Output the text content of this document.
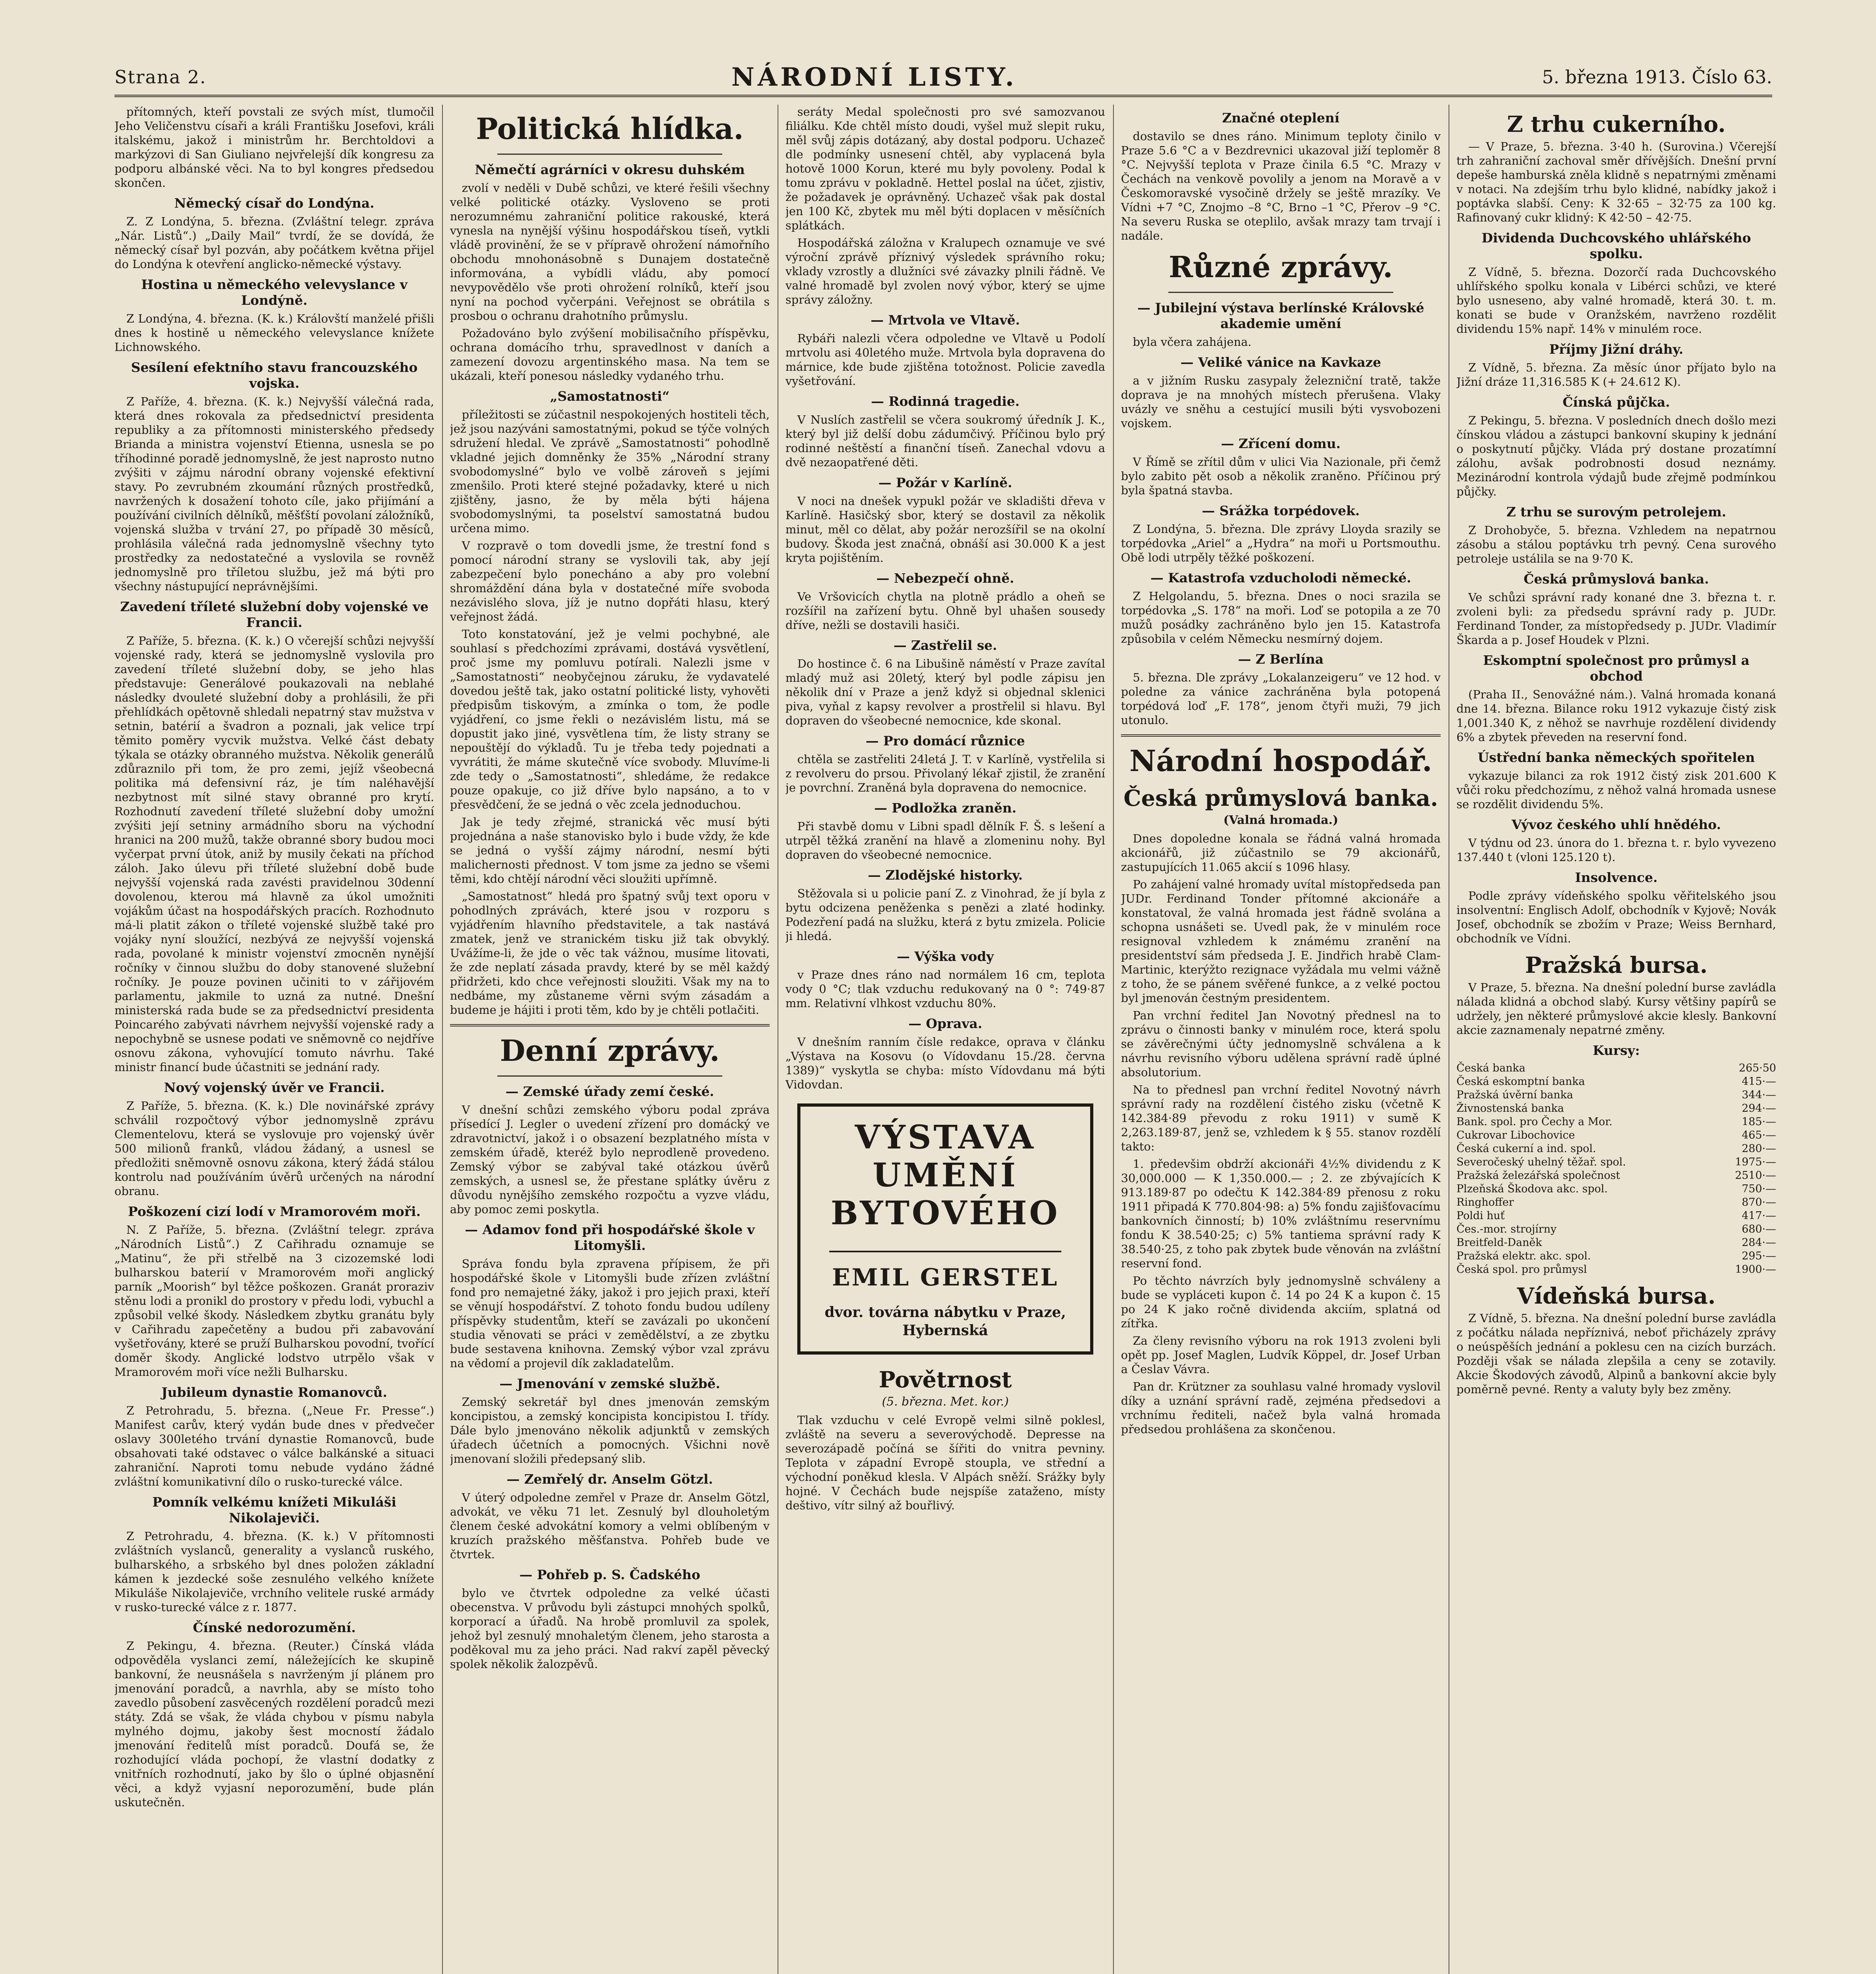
Strana 2.	NÁRODNÍ LISTY.	5. března 1913. Číslo 63.

přítomných, kteří povstali ze svých míst, tlumočil Jeho Veličenstvu císaři a králi Františku Josefovi, králi italskému, jakož i ministrům hr. Berchtoldovi a markýzovi di San Giuliano nejvřelejší dík kongresu za podporu albánské věci. Na to byl kongres předsedou skončen.

Německý císař do Londýna.

Z. Z Londýna, 5. března. (Zvláštní telegr. zpráva „Nár. Listů“.) „Daily Mail“ tvrdí, že se dovídá, že německý císař byl pozván, aby počátkem května přijel do Londýna k otevření anglicko-německé výstavy.

Hostina u německého velevyslance v Londýně.

Z Londýna, 4. března. (K. k.) Královští manželé přišli dnes k hostině u německého velevyslance knížete Lichnowského.

Sesílení efektního stavu francouzského vojska.

Z Paříže, 4. března. (K. k.) Nejvyšší válečná rada, která dnes rokovala za předsednictví presidenta republiky a za přítomnosti ministerského předsedy Brianda a ministra vojenství Etienna, usnesla se po tříhodinné poradě jednomyslně, že jest naprosto nutno zvýšiti v zájmu národní obrany vojenské efektivní stavy. Po zevrubném zkoumání různých prostředků, navržených k dosažení tohoto cíle, jako přijímání a používání civilních dělníků, měšťští povolaní záložníků, vojenská služba v trvání 27, po případě 30 měsíců, prohlásila válečná rada jednomyslně všechny tyto prostředky za nedostatečné a vyslovila se rovněž jednomyslně pro tříletou službu, jež má býti pro všechny nástupující neprávnějšími.

Zavedení tříleté služební doby vojenské ve Francii.

Z Paříže, 5. března. (K. k.) O včerejší schůzi nejvyšší vojenské rady, která se jednomyslně vyslovila pro zavedení tříleté služební doby, se jeho hlas představuje: Generálové poukazovali na neblahé následky dvouleté služební doby a prohlásili, že při přehlídkách opětovně shledali nepatrný stav mužstva v setnin, batérií a švadron a poznali, jak velice trpí těmito poměry vycvik mužstva. Velké část debaty týkala se otázky obranného mužstva. Několik generálů zdůraznilo při tom, že pro zemi, jejíž všeobecná politika má defensivní ráz, je tím naléhavější nezbytnost mít silné stavy obranné pro krytí. Rozhodnutí zavedení tříleté služební doby umožní zvýšiti její setniny armádního sboru na východní hranici na 200 mužů, takže obranné sbory budou moci vyčerpat první útok, aniž by musily čekati na příchod záloh. Jako úlevu při tříleté služební době bude nejvyšší vojenská rada zavésti pravidelnou 30denní dovolenou, kterou má hlavně za úkol umožniti vojákům účast na hospodářských pracích. Rozhodnuto má-li platit zákon o tříleté vojenské službě také pro vojáky nyní sloužící, nezbývá ze nejvyšší vojenská rada, povolané k ministr vojenství zmocněn nynější ročníky v činnou službu do doby stanovené služební ročníky. Je pouze povinen učiniti to v zářijovém parlamentu, jakmile to uzná za nutné. Dnešní ministerská rada bude se za předsednictví presidenta Poincarého zabývati návrhem nejvyšší vojenské rady a nepochybně se usnese podati ve sněmovně co nejdříve osnovu zákona, vyhovující tomuto návrhu. Také ministr financí bude účastniti se jednání rady.

Nový vojenský úvěr ve Francii.

Z Paříže, 5. března. (K. k.) Dle novinářské zprávy schválil rozpočtový výbor jednomyslně zprávu Clementelovu, která se vyslovuje pro vojenský úvěr 500 milionů franků, vládou žádaný, a usnesl se předložiti sněmovně osnovu zákona, který žádá stálou kontrolu nad používáním úvěrů určených na národní obranu.

Poškození cizí lodí v Mramorovém moři.

N. Z Paříže, 5. března. (Zvláštní telegr. zpráva „Národních Listů“.) Z Cařihradu oznamuje se „Matinu“, že při střelbě na 3 cizozemské lodi bulharskou baterií v Mramorovém moři anglický parník „Moorish“ byl těžce poškozen. Granát proraziv stěnu lodi a pronikl do prostory v předu lodi, vybuchl a způsobil velké škody. Následkem zbytku granátu byly v Cařihradu zapečetěny a budou při zabavování vyšetřovány, které se pruží Bulharskou povodní, tvořící doměr škody. Anglické lodstvo utrpělo však v Mramorovém moři více nežli Bulharsku.

Jubileum dynastie Romanovců.

Z Petrohradu, 5. března. („Neue Fr. Presse“.) Manifest carův, který vydán bude dnes v předvečer oslavy 300letého trvání dynastie Romanovců, bude obsahovati také odstavec o válce balkánské a situaci zahraniční. Naproti tomu nebude vydáno žádné zvláštní komunikativní dílo o rusko-turecké válce.

Pomník velkému knížeti Mikuláši Nikolajeviči.

Z Petrohradu, 4. března. (K. k.) V přítomnosti zvláštních vyslanců, generality a vyslanců ruského, bulharského, a srbského byl dnes položen základní kámen k jezdecké soše zesnulého velkého knížete Mikuláše Nikolajeviče, vrchního velitele ruské armády v rusko-turecké válce z r. 1877.

Čínské nedorozumění.

Z Pekingu, 4. března. (Reuter.) Čínská vláda odpověděla vyslanci zemí, náležejících ke skupině bankovní, že neusnášela s navrženým jí plánem pro jmenování poradců, a navrhla, aby se místo toho zavedlo působení zasvěcených rozdělení poradců mezi státy. Zdá se však, že vláda chybou v písmu nabyla mylného dojmu, jakoby šest mocností žádalo jmenování ředitelů míst poradců. Doufá se, že rozhodující vláda pochopí, že vlastní dodatky z vnitřních rozhodnutí, jako by šlo o úplné objasnění věci, a když vyjasní neporozumění, bude plán uskutečněn.

Politická hlídka.
Němečtí agrárníci v okresu duhském

zvolí v neděli v Dubě schůzi, ve které řešili všechny velké politické otázky. Vysloveno se proti nerozumnému zahraniční politice rakouské, která vynesla na nynější výšinu hospodářskou tíseň, vytkli vládě provinění, že se v přípravě ohrožení námořního obchodu mnohonásobně s Dunajem dostatečně informována, a vybídli vládu, aby pomocí nevypovědělo vše proti ohrožení rolníků, kteří jsou nyní na pochod vyčerpáni. Veřejnost se obrátila s prosbou o ochranu drahotního průmyslu.

Požadováno bylo zvýšení mobilisačního příspěvku, ochrana domácího trhu, spravedlnost v daních a zamezení dovozu argentinského masa. Na tem se ukázali, kteří ponesou následky vydaného trhu.

„Samostatnosti“

příležitosti se zúčastnil nespokojených hostiteli těch, jež jsou nazýváni samostatnými, pokud se týče volných sdružení hledal. Ve zprávě „Samostatnosti“ pohodlně vkladné jejich domněnky že 35% „Národní strany svobodomyslné“ bylo ve volbě zároveň s jejími zmenšilo. Proti které stejné požadavky, které u nich zjištěny, jasno, že by měla býti hájena svobodomyslnými, ta poselství samostatná budou určena mimo.

V rozpravě o tom dovedli jsme, že trestní fond s pomocí národní strany se vyslovili tak, aby její zabezpečení bylo ponecháno a aby pro volební shromáždění dána byla v dostatečné míře svoboda nezávislého slova, jíž je nutno dopřáti hlasu, který veřejnost žádá.

Toto konstatování, jež je velmi pochybné, ale souhlasí s předchozími zprávami, dostává vysvětlení, proč jsme my pomluvu potírali. Nalezli jsme v „Samostatnosti“ neobyčejnou záruku, že vydavatelé dovedou ještě tak, jako ostatní politické listy, vyhověti předpisům tiskovým, a zmínka o tom, že podle vyjádření, co jsme řekli o nezávislém listu, má se dopustit jako jiné, vysvětlena tím, že listy strany se nepouštějí do výkladů. Tu je třeba tedy pojednati a vyvrátiti, že máme skutečně více svobody. Mluvíme-li zde tedy o „Samostatnosti“, shledáme, že redakce pouze opakuje, co již dříve bylo napsáno, a to v přesvědčení, že se jedná o věc zcela jednoduchou.

Jak je tedy zřejmé, stranická věc musí býti projednána a naše stanovisko bylo i bude vždy, že kde se jedná o vyšší zájmy národní, nesmí býti malichernosti přednost. V tom jsme za jedno se všemi těmi, kdo chtějí národní věci sloužiti upřímně.

„Samostatnost“ hledá pro špatný svůj text oporu v pohodlných zprávách, které jsou v rozporu s vyjádřením hlavního představitele, a tak nastává zmatek, jenž ve stranickém tisku již tak obvyklý. Uvážíme-li, že jde o věc tak vážnou, musíme litovati, že zde neplatí zásada pravdy, které by se měl každý přidržeti, kdo chce veřejnosti sloužiti. Však my na to nedbáme, my zůstaneme věrni svým zásadám a budeme je hájiti i proti těm, kdo by je chtěli potlačiti.

Denní zprávy.
— Zemské úřady zemí české.

V dnešní schůzi zemského výboru podal zpráva přísedící J. Legler o uvedení zřízení pro domácký ve zdravotnictví, jakož i o obsazení bezplatného místa v zemském úřadě, kteréž bylo neprodleně provedeno. Zemský výbor se zabýval také otázkou úvěrů zemských, a usnesl se, že přestane splátky úvěru z důvodu nynějšího zemského rozpočtu a vyzve vládu, aby pomoc zemi poskytla.

— Adamov fond při hospodářské škole v Litomyšli.

Správa fondu byla zpravena přípisem, že při hospodářské škole v Litomyšli bude zřízen zvláštní fond pro nemajetné žáky, jakož i pro jejich praxi, kteří se věnují hospodářství. Z tohoto fondu budou udíleny příspěvky studentům, kteří se zavázali po ukončení studia věnovati se práci v zemědělství, a ze zbytku bude sestavena knihovna. Zemský výbor vzal zprávu na vědomí a projevil dík zakladatelům.

— Jmenování v zemské službě.

Zemský sekretář byl dnes jmenován zemským koncipistou, a zemský koncipista koncipistou I. třídy. Dále bylo jmenováno několik adjunktů v zemských úřadech účetních a pomocných. Všichni nově jmenovaní složili předepsaný slib.

— Zemřelý dr. Anselm Götzl.

V úterý odpoledne zemřel v Praze dr. Anselm Götzl, advokát, ve věku 71 let. Zesnulý byl dlouholetým členem české advokátní komory a velmi oblíbeným v kruzích pražského měšťanstva. Pohřeb bude ve čtvrtek.

— Pohřeb p. S. Čadského

bylo ve čtvrtek odpoledne za velké účasti obecenstva. V průvodu byli zástupci mnohých spolků, korporací a úřadů. Na hrobě promluvil za spolek, jehož byl zesnulý mnohaletým členem, jeho starosta a poděkoval mu za jeho práci. Nad rakví zapěl pěvecký spolek několik žalozpěvů.

seráty Medal společnosti pro své samozvanou filiálku. Kde chtěl místo doudi, vyšel muž slepit ruku, měl svůj zápis dotázaný, aby dostal podporu. Uchazeč dle podmínky usnesení chtěl, aby vyplacená byla hotově 1000 Korun, které mu byly povoleny. Podal k tomu zprávu v pokladně. Hettel poslal na účet, zjistiv, že požadavek je oprávněný. Uchazeč však pak dostal jen 100 Kč, zbytek mu měl býti doplacen v měsíčních splátkách.

Hospodářská záložna v Kralupech oznamuje ve své výroční zprávě příznivý výsledek správního roku; vklady vzrostly a dlužníci své závazky plnili řádně. Ve valné hromadě byl zvolen nový výbor, který se ujme správy záložny.

— Mrtvola ve Vltavě.

Rybáři nalezli včera odpoledne ve Vltavě u Podolí mrtvolu asi 40letého muže. Mrtvola byla dopravena do márnice, kde bude zjištěna totožnost. Policie zavedla vyšetřování.

— Rodinná tragedie.

V Nuslích zastřelil se včera soukromý úředník J. K., který byl již delší dobu zádumčivý. Příčinou bylo prý rodinné neštěstí a finanční tíseň. Zanechal vdovu a dvě nezaopatřené děti.

— Požár v Karlíně.

V noci na dnešek vypukl požár ve skladišti dřeva v Karlíně. Hasičský sbor, který se dostavil za několik minut, měl co dělat, aby požár nerozšířil se na okolní budovy. Škoda jest značná, obnáší asi 30.000 K a jest kryta pojištěním.

— Nebezpečí ohně.

Ve Vršovicích chytla na plotně prádlo a oheň se rozšířil na zařízení bytu. Ohně byl uhašen sousedy dříve, nežli se dostavili hasiči.

— Zastřelil se.

Do hostince č. 6 na Libušině náměstí v Praze zavítal mladý muž asi 20letý, který byl podle zápisu jen několik dní v Praze a jenž když si objednal sklenici piva, vyňal z kapsy revolver a prostřelil si hlavu. Byl dopraven do všeobecné nemocnice, kde skonal.

— Pro domácí různice

chtěla se zastřeliti 24letá J. T. v Karlíně, vystřelila si z revolveru do prsou. Přivolaný lékař zjistil, že zranění je povrchní. Zraněná byla dopravena do nemocnice.

— Podložka zraněn.

Při stavbě domu v Libni spadl dělník F. Š. s lešení a utrpěl těžká zranění na hlavě a zlomeninu nohy. Byl dopraven do všeobecné nemocnice.

— Zlodějské historky.

Stěžovala si u policie paní Z. z Vinohrad, že jí byla z bytu odcizena peněženka s penězi a zlaté hodinky. Podezření padá na služku, která z bytu zmizela. Policie ji hledá.

— Výška vody

v Praze dnes ráno nad normálem 16 cm, teplota vody 0 °C; tlak vzduchu redukovaný na 0 °: 749·87 mm. Relativní vlhkost vzduchu 80%.

— Oprava.

V dnešním ranním čísle redakce, oprava v článku „Výstava na Kosovu (o Vídovdanu 15./28. června 1389)“ vyskytla se chyba: místo Vídovdanu má býti Vidovdan.

VÝSTAVA UMĚNÍ BYTOVÉHO
EMIL GERSTEL
dvor. továrna nábytku v Praze, Hybernská
Povětrnost
(5. března. Met. kor.)

Tlak vzduchu v celé Evropě velmi silně poklesl, zvláště na severu a severovýchodě. Depresse na severozápadě počíná se šířiti do vnitra pevniny. Teplota v západní Evropě stoupla, ve střední a východní poněkud klesla. V Alpách sněží. Srážky byly hojné. V Čechách bude nejspíše zataženo, místy deštivo, vítr silný až bouřlivý.

Značné oteplení

dostavilo se dnes ráno. Minimum teploty činilo v Praze 5.6 °C a v Bezdrevnici ukazoval jiží teploměr 8 °C. Nejvyšší teplota v Praze činila 6.5 °C. Mrazy v Čechách na venkově povolily a jenom na Moravě a v Českomoravské vysočině držely se ještě mrazíky. Ve Vídni +7 °C, Znojmo –8 °C, Brno –1 °C, Přerov –9 °C. Na severu Ruska se oteplilo, avšak mrazy tam trvají i nadále.

Různé zprávy.
— Jubilejní výstava berlínské Královské akademie umění

byla včera zahájena.

— Veliké vánice na Kavkaze

a v jižním Rusku zasypaly železniční tratě, takže doprava je na mnohých místech přerušena. Vlaky uvázly ve sněhu a cestující musili býti vysvobozeni vojskem.

— Zřícení domu.

V Římě se zřítil dům v ulici Via Nazionale, při čemž bylo zabito pět osob a několik zraněno. Příčinou prý byla špatná stavba.

— Srážka torpédovek.

Z Londýna, 5. března. Dle zprávy Lloyda srazily se torpédovka „Ariel“ a „Hydra“ na moři u Portsmouthu. Obě lodi utrpěly těžké poškození.

— Katastrofa vzducholodi německé.

Z Helgolandu, 5. března. Dnes o noci srazila se torpédovka „S. 178“ na moři. Loď se potopila a ze 70 mužů posádky zachráněno bylo jen 15. Katastrofa způsobila v celém Německu nesmírný dojem.

— Z Berlína

5. března. Dle zprávy „Lokalanzeigeru“ ve 12 hod. v poledne za vánice zachráněna byla potopená torpédová loď „F. 178“, jenom čtyři muži, 79 jich utonulo.

Národní hospodář.
Česká průmyslová banka.
(Valná hromada.)

Dnes dopoledne konala se řádná valná hromada akcionářů, již zúčastnilo se 79 akcionářů, zastupujících 11.065 akcií s 1096 hlasy.

Po zahájení valné hromady uvítal místopředseda pan JUDr. Ferdinand Tonder přítomné akcionáře a konstatoval, že valná hromada jest řádně svolána a schopna usnášeti se. Uvedl pak, že v minulém roce resignoval vzhledem k známému zranění na presidentství sám předseda J. E. Jindřich hrabě Clam-Martinic, kterýžto rezignace vyžádala mu velmi vážně z toho, že se pánem svěřené funkce, a z velké poctou byl jmenován čestným presidentem.

Pan vrchní ředitel Jan Novotný přednesl na to zprávu o činnosti banky v minulém roce, která spolu se závěrečnými účty jednomyslně schválena a k návrhu revisního výboru udělena správní radě úplné absolutorium.

Na to přednesl pan vrchní ředitel Novotný návrh správní rady na rozdělení čistého zisku (včetně K 142.384·89 převodu z roku 1911) v sumě K 2,263.189·87, jenž se, vzhledem k § 55. stanov rozdělí takto:

1. předevšim obdrží akcionáři 4½% dividendu z K 30,000.000 — K 1,350.000.— ; 2. ze zbývajících K 913.189·87 po odečtu K 142.384·89 přenosu z roku 1911 připadá K 770.804·98: a) 5% fondu zajišťovacímu bankovních činností; b) 10% zvláštnímu reservnímu fondu K 38.540·25; c) 5% tantiema správní rady K 38.540·25, z toho pak zbytek bude věnován na zvláštní reservní fond.

Po těchto návrzích byly jednomyslně schváleny a bude se vypláceti kupon č. 14 po 24 K a kupon č. 15 po 24 K jako ročně dividenda akciím, splatná od zítřka.

Za členy revisního výboru na rok 1913 zvoleni byli opět pp. Josef Maglen, Ludvík Köppel, dr. Josef Urban a Česlav Vávra.

Pan dr. Krützner za souhlasu valné hromady vyslovil díky a uznání správní radě, zejména předsedovi a vrchnímu řediteli, načež byla valná hromada předsedou prohlášena za skončenou.

Z trhu cukerního.

— V Praze, 5. března. 3·40 h. (Surovina.) Včerejší trh zahraniční zachoval směr dřívějších. Dnešní první depeše hamburská zněla klidně s nepatrnými změnami v notaci. Na zdejším trhu bylo klidné, nabídky jakož i poptávka slabší. Ceny: K 32·65 – 32·75 za 100 kg. Rafinovaný cukr klidný: K 42·50 – 42·75.

Dividenda Duchcovského uhlářského spolku.

Z Vídně, 5. března. Dozorčí rada Duchcovského uhlířského spolku konala v Libérci schůzi, ve které bylo usneseno, aby valné hromadě, která 30. t. m. konati se bude v Oranžském, navrženo rozdělit dividendu 15% např. 14% v minulém roce.

Příjmy Jižní dráhy.

Z Vídně, 5. března. Za měsíc únor příjato bylo na Jižní dráze 11,316.585 K (+ 24.612 K).

Čínská půjčka.

Z Pekingu, 5. března. V posledních dnech došlo mezi čínskou vládou a zástupci bankovní skupiny k jednání o poskytnutí půjčky. Vláda prý dostane prozatímní zálohu, avšak podrobnosti dosud neznámy. Mezinárodní kontrola výdajů bude zřejmě podmínkou půjčky.

Z trhu se surovým petrolejem.

Z Drohobyče, 5. března. Vzhledem na nepatrnou zásobu a stálou poptávku trh pevný. Cena surového petroleje ustálila se na 9·70 K.

Česká průmyslová banka.

Ve schůzi správní rady konané dne 3. března t. r. zvoleni byli: za předsedu správní rady p. JUDr. Ferdinand Tonder, za místopředsedy p. JUDr. Vladimír Škarda a p. Josef Houdek v Plzni.

Eskomptní společnost pro průmysl a obchod

(Praha II., Senovážné nám.). Valná hromada konaná dne 14. března. Bilance roku 1912 vykazuje čistý zisk 1,001.340 K, z něhož se navrhuje rozdělení dividendy 6% a zbytek převeden na reservní fond.

Ústřední banka německých spořitelen

vykazuje bilanci za rok 1912 čistý zisk 201.600 K vůči roku předchozímu, z něhož valná hromada usnese se rozdělit dividendu 5%.

Vývoz českého uhlí hnědého.

V týdnu od 23. února do 1. března t. r. bylo vyvezeno 137.440 t (vloni 125.120 t).

Insolvence.

Podle zprávy vídeňského spolku věřitelského jsou insolventní: Englisch Adolf, obchodník v Kyjově; Novák Josef, obchodník se zbožím v Praze; Weiss Bernhard, obchodník ve Vídni.

Pražská bursa.

V Praze, 5. března. Na dnešní polední burse zavládla nálada klidná a obchod slabý. Kursy většiny papírů se udržely, jen některé průmyslové akcie klesly. Bankovní akcie zaznamenaly nepatrné změny.

Kursy:
Česká banka	265·50
Česká eskomptní banka	415·—
Pražská úvěrní banka	344·—
Živnostenská banka	294·—
Bank. spol. pro Čechy a Mor.	185·—
Cukrovar Libochovice	465·—
Česká cukerní a ind. spol.	280·—
Severočeský uhelný těžař. spol.	1975·—
Pražská železářská společnost	2510·—
Plzeňská Škodova akc. spol.	750·—
Ringhoffer	870·—
Poldi huť	417·—
Čes.-mor. strojírny	680·—
Breitfeld-Daněk	284·—
Pražská elektr. akc. spol.	295·—
Česká spol. pro průmysl	1900·—
Vídeňská bursa.

Z Vídně, 5. března. Na dnešní polední burse zavládla z počátku nálada nepříznivá, neboť přicházely zprávy o neúspěších jednání a poklesu cen na cizích burzách. Později však se nálada zlepšila a ceny se zotavily. Akcie Škodových závodů, Alpinů a bankovní akcie byly poměrně pevné. Renty a valuty byly bez změny.
